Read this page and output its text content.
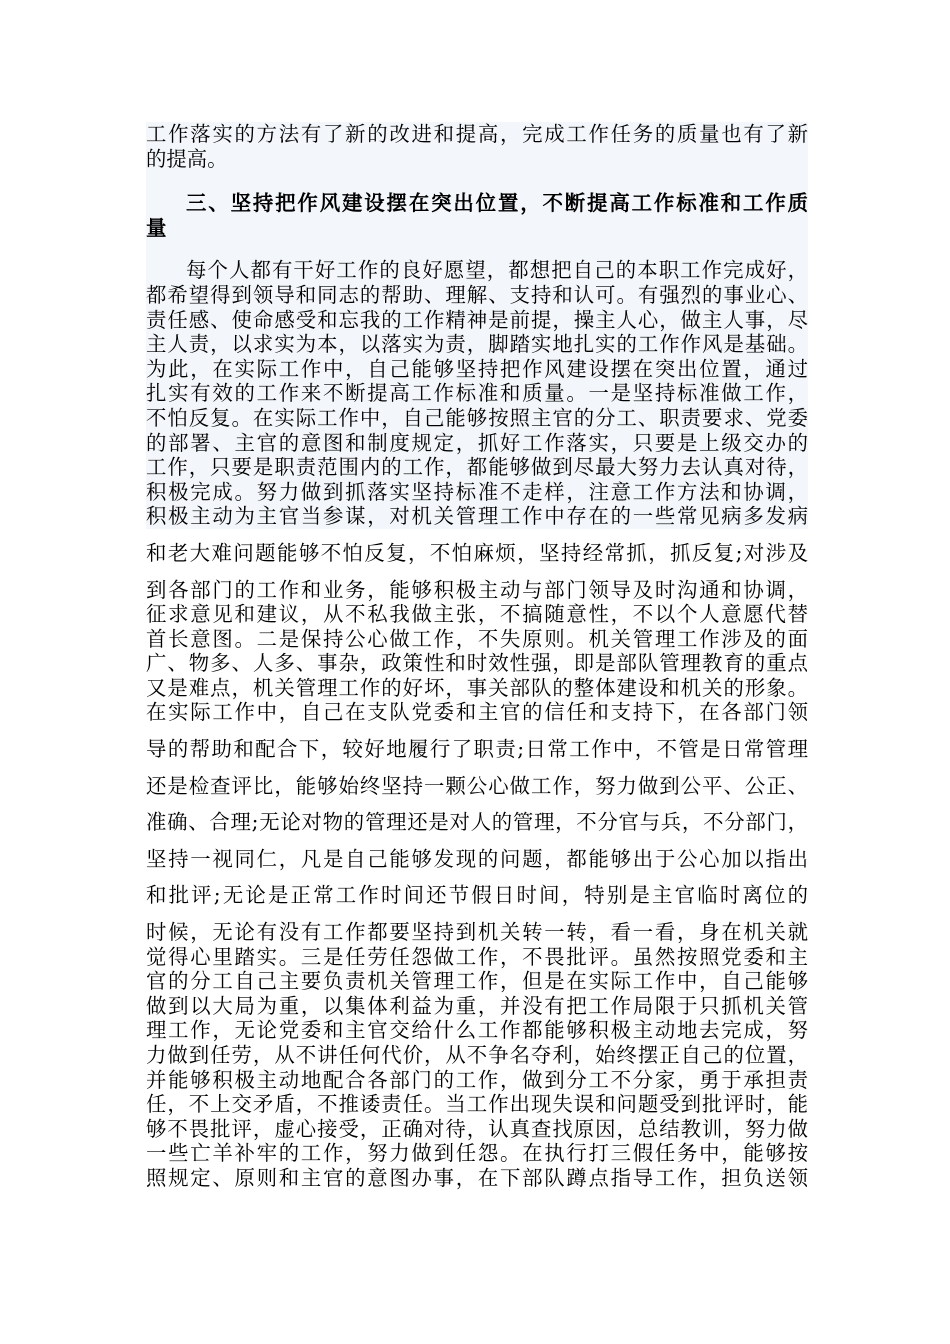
工作落实的方法有了新的改进和提高，完成工作任务的质量也有了新
的提高。
三、坚持把作风建设摆在突出位置，不断提高工作标准和工作质
量
每个人都有干好工作的良好愿望，都想把自己的本职工作完成好，
都希望得到领导和同志的帮助、理解、支持和认可。有强烈的事业心、
责任感、使命感受和忘我的工作精神是前提，操主人心，做主人事，尽
主人责，以求实为本，以落实为责，脚踏实地扎实的工作作风是基础。
为此，在实际工作中，自己能够坚持把作风建设摆在突出位置，通过
扎实有效的工作来不断提高工作标准和质量。一是坚持标准做工作，
不怕反复。在实际工作中，自己能够按照主官的分工、职责要求、党委
的部署、主官的意图和制度规定，抓好工作落实，只要是上级交办的
工作，只要是职责范围内的工作，都能够做到尽最大努力去认真对待，
积极完成。努力做到抓落实坚持标准不走样，注意工作方法和协调，
积极主动为主官当参谋，对机关管理工作中存在的一些常见病多发病
和老大难问题能够不怕反复，不怕麻烦，坚持经常抓，抓反复;对涉及
到各部门的工作和业务，能够积极主动与部门领导及时沟通和协调，
征求意见和建议，从不私我做主张，不搞随意性，不以个人意愿代替
首长意图。二是保持公心做工作，不失原则。机关管理工作涉及的面
广、物多、人多、事杂，政策性和时效性强，即是部队管理教育的重点
又是难点，机关管理工作的好坏，事关部队的整体建设和机关的形象。
在实际工作中，自己在支队党委和主官的信任和支持下，在各部门领
导的帮助和配合下，较好地履行了职责;日常工作中，不管是日常管理
还是检查评比，能够始终坚持一颗公心做工作，努力做到公平、公正、
准确、合理;无论对物的管理还是对人的管理，不分官与兵，不分部门，
坚持一视同仁，凡是自己能够发现的问题，都能够出于公心加以指出
和批评;无论是正常工作时间还节假日时间，特别是主官临时离位的
时候，无论有没有工作都要坚持到机关转一转，看一看，身在机关就
觉得心里踏实。三是任劳任怨做工作，不畏批评。虽然按照党委和主
官的分工自己主要负责机关管理工作，但是在实际工作中，自己能够
做到以大局为重，以集体利益为重，并没有把工作局限于只抓机关管
理工作，无论党委和主官交给什么工作都能够积极主动地去完成，努
力做到任劳，从不讲任何代价，从不争名夺利，始终摆正自己的位置，
并能够积极主动地配合各部门的工作，做到分工不分家，勇于承担责
任，不上交矛盾，不推诿责任。当工作出现失误和问题受到批评时，能
够不畏批评，虚心接受，正确对待，认真查找原因，总结教训，努力做
一些亡羊补牢的工作，努力做到任怨。在执行打三假任务中，能够按
照规定、原则和主官的意图办事，在下部队蹲点指导工作，担负送领
